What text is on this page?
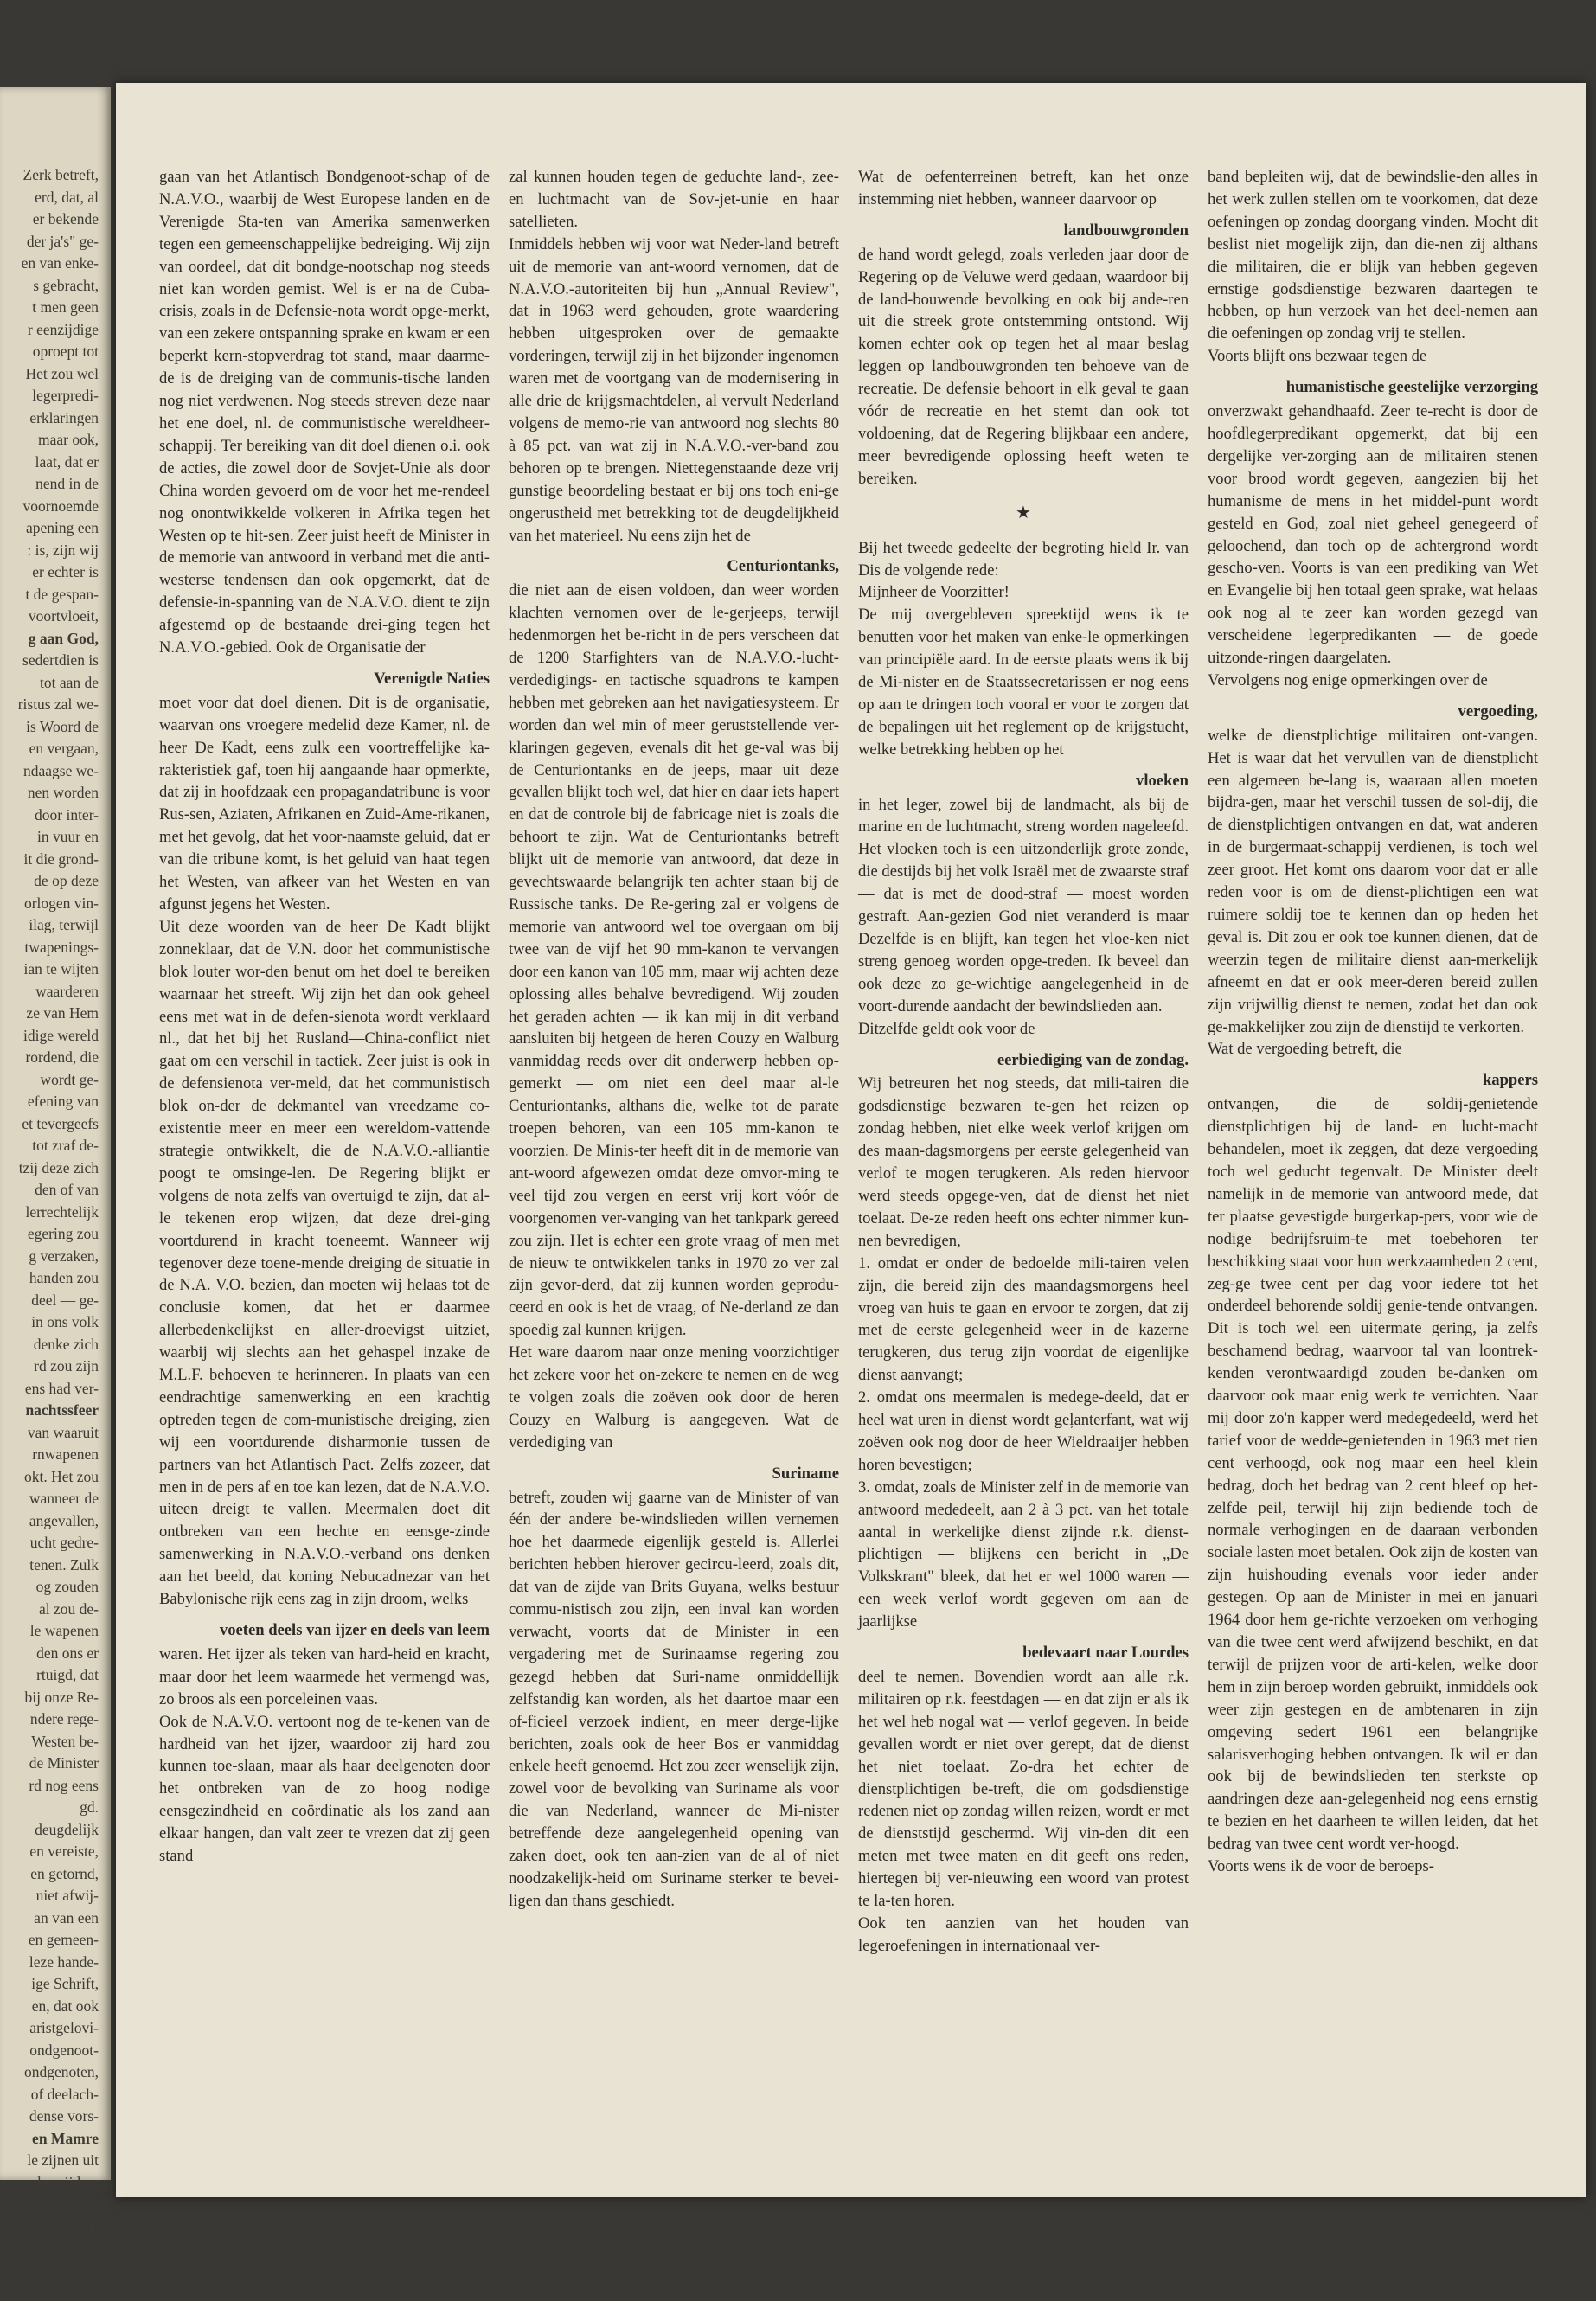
Zerk betreft,
erd, dat, al
er bekende
der ja's" ge-
en van enke-
s gebracht,
t men geen
r eenzijdige
oproept tot
Het zou wel
legerpredi-
erklaringen
maar ook,
laat, dat er
nend in de
voornoemde
apening een
: is, zijn wij
er echter is
t de gespan-
voortvloeit,
g aan God,
sedertdien is
tot aan de
ristus zal we-
is Woord de
en vergaan,
ndaagse we-
nen worden
door inter-
in vuur en
it die grond-
de op deze
orlogen vin-
ilag, terwijl
twapenings-
ian te wijten
waarderen
ze van Hem
idige wereld
rordend, die
wordt ge-
efening van
et tevergeefs
tot zraf de-
tzij deze zich
den of van
lerrechtelijk
egering zou
g verzaken,
handen zou
deel — ge-
in ons volk
denke zich
rd zou zijn
ens had ver-
nachtssfeer
van waaruit
rnwapenen
okt. Het zou
wanneer de
angevallen,
ucht gedre-
tenen. Zulk
og zouden
al zou de-
le wapenen
den ons er
rtuigd, dat
bij onze Re-
ndere rege-
Westen be-
de Minister
rd nog eens
gd.
deugdelijk
en vereiste,
en getornd,
niet afwij-
an van een
en gemeen-
leze hande-
ige Schrift,
en, dat ook
aristgelovi-
ondgenoot-
ondgenoten,
of deelach-
dense vors-
en Mamre
le zijnen uit
bevrijden.
wij dan ook
en het aan-

gaan van het Atlantisch Bondgenoot-schap of de N.A.V.O., waarbij de West Europese landen en de Verenigde Sta-ten van Amerika samenwerken tegen een gemeenschappelijke bedreiging. Wij zijn van oordeel, dat dit bondge-nootschap nog steeds niet kan worden gemist. Wel is er na de Cuba-crisis, zoals in de Defensie-nota wordt opge-merkt, van een zekere ontspanning sprake en kwam er een beperkt kern-stopverdrag tot stand, maar daarme-de is de dreiging van de communis-tische landen nog niet verdwenen. Nog steeds streven deze naar het ene doel, nl. de communistische wereldheer-schappij. Ter bereiking van dit doel dienen o.i. ook de acties, die zowel door de Sovjet-Unie als door China worden gevoerd om de voor het me-rendeel nog onontwikkelde volkeren in Afrika tegen het Westen op te hit-sen. Zeer juist heeft de Minister in de memorie van antwoord in verband met die anti-westerse tendensen dan ook opgemerkt, dat de defensie-in-spanning van de N.A.V.O. dient te zijn afgestemd op de bestaande drei-ging tegen het N.A.V.O.-gebied. Ook de Organisatie der

Verenigde Naties

moet voor dat doel dienen. Dit is de organisatie, waarvan ons vroegere medelid deze Kamer, nl. de heer De Kadt, eens zulk een voortreffelijke ka-rakteristiek gaf, toen hij aangaande haar opmerkte, dat zij in hoofdzaak een propagandatribune is voor Rus-sen, Aziaten, Afrikanen en Zuid-Ame-rikanen, met het gevolg, dat het voor-naamste geluid, dat er van die tribune komt, is het geluid van haat tegen het Westen, van afkeer van het Westen en van afgunst jegens het Westen.

Uit deze woorden van de heer De Kadt blijkt zonneklaar, dat de V.N. door het communistische blok louter wor-den benut om het doel te bereiken waarnaar het streeft. Wij zijn het dan ook geheel eens met wat in de defen-sienota wordt verklaard nl., dat het bij het Rusland—China-conflict niet gaat om een verschil in tactiek. Zeer juist is ook in de defensienota ver-meld, dat het communistisch blok on-der de dekmantel van vreedzame co-existentie meer en meer een wereldom-vattende strategie ontwikkelt, die de N.A.V.O.-alliantie poogt te omsinge-len. De Regering blijkt er volgens de nota zelfs van overtuigd te zijn, dat al-le tekenen erop wijzen, dat deze drei-ging voortdurend in kracht toeneemt. Wanneer wij tegenover deze toene-mende dreiging de situatie in de N.A. V.O. bezien, dan moeten wij helaas tot de conclusie komen, dat het er daarmee allerbedenkelijkst en aller-droevigst uitziet, waarbij wij slechts aan het gehaspel inzake de M.L.F. behoeven te herinneren. In plaats van een eendrachtige samenwerking en een krachtig optreden tegen de com-munistische dreiging, zien wij een voortdurende disharmonie tussen de partners van het Atlantisch Pact. Zelfs zozeer, dat men in de pers af en toe kan lezen, dat de N.A.V.O. uiteen dreigt te vallen. Meermalen doet dit ontbreken van een hechte en eensge-zinde samenwerking in N.A.V.O.-verband ons denken aan het beeld, dat koning Nebucadnezar van het Babylonische rijk eens zag in zijn droom, welks

voeten deels van ijzer en deels van leem

waren. Het ijzer als teken van hard-heid en kracht, maar door het leem waarmede het vermengd was, zo broos als een porceleinen vaas.

Ook de N.A.V.O. vertoont nog de te-kenen van de hardheid van het ijzer, waardoor zij hard zou kunnen toe-slaan, maar als haar deelgenoten door het ontbreken van de zo hoog nodige eensgezindheid en coördinatie als los zand aan elkaar hangen, dan valt zeer te vrezen dat zij geen stand

zal kunnen houden tegen de geduchte land-, zee- en luchtmacht van de Sov-jet-unie en haar satellieten.

Inmiddels hebben wij voor wat Neder-land betreft uit de memorie van ant-woord vernomen, dat de N.A.V.O.-autoriteiten bij hun „Annual Review", dat in 1963 werd gehouden, grote waardering hebben uitgesproken over de gemaakte vorderingen, terwijl zij in het bijzonder ingenomen waren met de voortgang van de modernisering in alle drie de krijgsmachtdelen, al vervult Nederland volgens de memo-rie van antwoord nog slechts 80 à 85 pct. van wat zij in N.A.V.O.-ver-band zou behoren op te brengen. Niettegenstaande deze vrij gunstige beoordeling bestaat er bij ons toch eni-ge ongerustheid met betrekking tot de deugdelijkheid van het materieel. Nu eens zijn het de

Centuriontanks,

die niet aan de eisen voldoen, dan weer worden klachten vernomen over de le-gerjeeps, terwijl hedenmorgen het be-richt in de pers verscheen dat de 1200 Starfighters van de N.A.V.O.-lucht-verdedigings- en tactische squadrons te kampen hebben met gebreken aan het navigatiesysteem. Er worden dan wel min of meer geruststellende ver-klaringen gegeven, evenals dit het ge-val was bij de Centuriontanks en de jeeps, maar uit deze gevallen blijkt toch wel, dat hier en daar iets hapert en dat de controle bij de fabricage niet is zoals die behoort te zijn. Wat de Centuriontanks betreft blijkt uit de memorie van antwoord, dat deze in gevechtswaarde belangrijk ten achter staan bij de Russische tanks. De Re-gering zal er volgens de memorie van antwoord wel toe overgaan om bij twee van de vijf het 90 mm-kanon te vervangen door een kanon van 105 mm, maar wij achten deze oplossing alles behalve bevredigend. Wij zouden het geraden achten — ik kan mij in dit verband aansluiten bij hetgeen de heren Couzy en Walburg vanmiddag reeds over dit onderwerp hebben op-gemerkt — om niet een deel maar al-le Centuriontanks, althans die, welke tot de parate troepen behoren, van een 105 mm-kanon te voorzien. De Minis-ter heeft dit in de memorie van ant-woord afgewezen omdat deze omvor-ming te veel tijd zou vergen en eerst vrij kort vóór de voorgenomen ver-vanging van het tankpark gereed zou zijn. Het is echter een grote vraag of men met de nieuw te ontwikkelen tanks in 1970 zo ver zal zijn gevor-derd, dat zij kunnen worden geprodu-ceerd en ook is het de vraag, of Ne-derland ze dan spoedig zal kunnen krijgen.

Het ware daarom naar onze mening voorzichtiger het zekere voor het on-zekere te nemen en de weg te volgen zoals die zoëven ook door de heren Couzy en Walburg is aangegeven. Wat de verdediging van

Suriname

betreft, zouden wij gaarne van de Minister of van één der andere be-windslieden willen vernemen hoe het daarmede eigenlijk gesteld is. Allerlei berichten hebben hierover gecircu-leerd, zoals dit, dat van de zijde van Brits Guyana, welks bestuur commu-nistisch zou zijn, een inval kan worden verwacht, voorts dat de Minister in een vergadering met de Surinaamse regering zou gezegd hebben dat Suri-name onmiddellijk zelfstandig kan worden, als het daartoe maar een of-ficieel verzoek indient, en meer derge-lijke berichten, zoals ook de heer Bos er vanmiddag enkele heeft genoemd. Het zou zeer wenselijk zijn, zowel voor de bevolking van Suriname als voor die van Nederland, wanneer de Mi-nister betreffende deze aangelegenheid opening van zaken doet, ook ten aan-zien van de al of niet noodzakelijk-heid om Suriname sterker te bevei-ligen dan thans geschiedt.

Wat de oefenterreinen betreft, kan het onze instemming niet hebben, wanneer daarvoor op

landbouwgronden

de hand wordt gelegd, zoals verleden jaar door de Regering op de Veluwe werd gedaan, waardoor bij de land-bouwende bevolking en ook bij ande-ren uit die streek grote ontstemming ontstond. Wij komen echter ook op tegen het al maar beslag leggen op landbouwgronden ten behoeve van de recreatie. De defensie behoort in elk geval te gaan vóór de recreatie en het stemt dan ook tot voldoening, dat de Regering blijkbaar een andere, meer bevredigende oplossing heeft weten te bereiken.

★

Bij het tweede gedeelte der begroting hield Ir. van Dis de volgende rede:

Mijnheer de Voorzitter!

De mij overgebleven spreektijd wens ik te benutten voor het maken van enke-le opmerkingen van principiële aard. In de eerste plaats wens ik bij de Mi-nister en de Staatssecretarissen er nog eens op aan te dringen toch vooral er voor te zorgen dat de bepalingen uit het reglement op de krijgstucht, welke betrekking hebben op het

vloeken

in het leger, zowel bij de landmacht, als bij de marine en de luchtmacht, streng worden nageleefd. Het vloeken toch is een uitzonderlijk grote zonde, die destijds bij het volk Israël met de zwaarste straf — dat is met de dood-straf — moest worden gestraft. Aan-gezien God niet veranderd is maar Dezelfde is en blijft, kan tegen het vloe-ken niet streng genoeg worden opge-treden. Ik beveel dan ook deze zo ge-wichtige aangelegenheid in de voort-durende aandacht der bewindslieden aan.

Ditzelfde geldt ook voor de

eerbiediging van de zondag.

Wij betreuren het nog steeds, dat mili-tairen die godsdienstige bezwaren te-gen het reizen op zondag hebben, niet elke week verlof krijgen om des maan-dagsmorgens per eerste gelegenheid van verlof te mogen terugkeren. Als reden hiervoor werd steeds opgege-ven, dat de dienst het niet toelaat. De-ze reden heeft ons echter nimmer kun-nen bevredigen,

1. omdat er onder de bedoelde mili-tairen velen zijn, die bereid zijn des maandagsmorgens heel vroeg van huis te gaan en ervoor te zorgen, dat zij met de eerste gelegenheid weer in de kazerne terugkeren, dus terug zijn voordat de eigenlijke dienst aanvangt;

2. omdat ons meermalen is medege-deeld, dat er heel wat uren in dienst wordt geļanterfant, wat wij zoëven ook nog door de heer Wieldraaijer hebben horen bevestigen;

3. omdat, zoals de Minister zelf in de memorie van antwoord mededeelt, aan 2 à 3 pct. van het totale aantal in werkelijke dienst zijnde r.k. dienst-plichtigen — blijkens een bericht in „De Volkskrant" bleek, dat het er wel 1000 waren — een week verlof wordt gegeven om aan de jaarlijkse

bedevaart naar Lourdes

deel te nemen. Bovendien wordt aan alle r.k. militairen op r.k. feestdagen — en dat zijn er als ik het wel heb nogal wat — verlof gegeven. In beide gevallen wordt er niet over gerept, dat de dienst het niet toelaat. Zo-dra het echter de dienstplichtigen be-treft, die om godsdienstige redenen niet op zondag willen reizen, wordt er met de dienststijd geschermd. Wij vin-den dit een meten met twee maten en dit geeft ons reden, hiertegen bij ver-nieuwing een woord van protest te la-ten horen.

Ook ten aanzien van het houden van legeroefeningen in internationaal ver-

band bepleiten wij, dat de bewindslie-den alles in het werk zullen stellen om te voorkomen, dat deze oefeningen op zondag doorgang vinden. Mocht dit beslist niet mogelijk zijn, dan die-nen zij althans die militairen, die er blijk van hebben gegeven ernstige godsdienstige bezwaren daartegen te hebben, op hun verzoek van het deel-nemen aan die oefeningen op zondag vrij te stellen.

Voorts blijft ons bezwaar tegen de

humanistische geestelijke verzorging

onverzwakt gehandhaafd. Zeer te-recht is door de hoofdlegerpredikant opgemerkt, dat bij een dergelijke ver-zorging aan de militairen stenen voor brood wordt gegeven, aangezien bij het humanisme de mens in het middel-punt wordt gesteld en God, zoal niet geheel genegeerd of geloochend, dan toch op de achtergrond wordt gescho-ven. Voorts is van een prediking van Wet en Evangelie bij hen totaal geen sprake, wat helaas ook nog al te zeer kan worden gezegd van verscheidene legerpredikanten — de goede uitzonde-ringen daargelaten.

Vervolgens nog enige opmerkingen over de

vergoeding,

welke de dienstplichtige militairen ont-vangen. Het is waar dat het vervullen van de dienstplicht een algemeen be-lang is, waaraan allen moeten bijdra-gen, maar het verschil tussen de sol-dij, die de dienstplichtigen ontvangen en dat, wat anderen in de burgermaat-schappij verdienen, is toch wel zeer groot. Het komt ons daarom voor dat er alle reden voor is om de dienst-plichtigen een wat ruimere soldij toe te kennen dan op heden het geval is. Dit zou er ook toe kunnen dienen, dat de weerzin tegen de militaire dienst aan-merkelijk afneemt en dat er ook meer-deren bereid zullen zijn vrijwillig dienst te nemen, zodat het dan ook ge-makkelijker zou zijn de dienstijd te verkorten.

Wat de vergoeding betreft, die

kappers

ontvangen, die de soldij-genietende dienstplichtigen bij de land- en lucht-macht behandelen, moet ik zeggen, dat deze vergoeding toch wel geducht tegenvalt. De Minister deelt namelijk in de memorie van antwoord mede, dat ter plaatse gevestigde burgerkap-pers, voor wie de nodige bedrijfsruim-te met toebehoren ter beschikking staat voor hun werkzaamheden 2 cent, zeg-ge twee cent per dag voor iedere tot het onderdeel behorende soldij genie-tende ontvangen. Dit is toch wel een uitermate gering, ja zelfs beschamend bedrag, waarvoor tal van loontrek-kenden verontwaardigd zouden be-danken om daarvoor ook maar enig werk te verrichten. Naar mij door zo'n kapper werd medegedeeld, werd het tarief voor de wedde-genietenden in 1963 met tien cent verhoogd, ook nog maar een heel klein bedrag, doch het bedrag van 2 cent bleef op het-zelfde peil, terwijl hij zijn bediende toch de normale verhogingen en de daaraan verbonden sociale lasten moet betalen. Ook zijn de kosten van zijn huishouding evenals voor ieder ander gestegen. Op aan de Minister in mei en januari 1964 door hem ge-richte verzoeken om verhoging van die twee cent werd afwijzend beschikt, en dat terwijl de prijzen voor de arti-kelen, welke door hem in zijn beroep worden gebruikt, inmiddels ook weer zijn gestegen en de ambtenaren in zijn omgeving sedert 1961 een belangrijke salarisverhoging hebben ontvangen. Ik wil er dan ook bij de bewindslieden ten sterkste op aandringen deze aan-gelegenheid nog eens ernstig te bezien en het daarheen te willen leiden, dat het bedrag van twee cent wordt ver-hoogd.

Voorts wens ik de voor de beroeps-
